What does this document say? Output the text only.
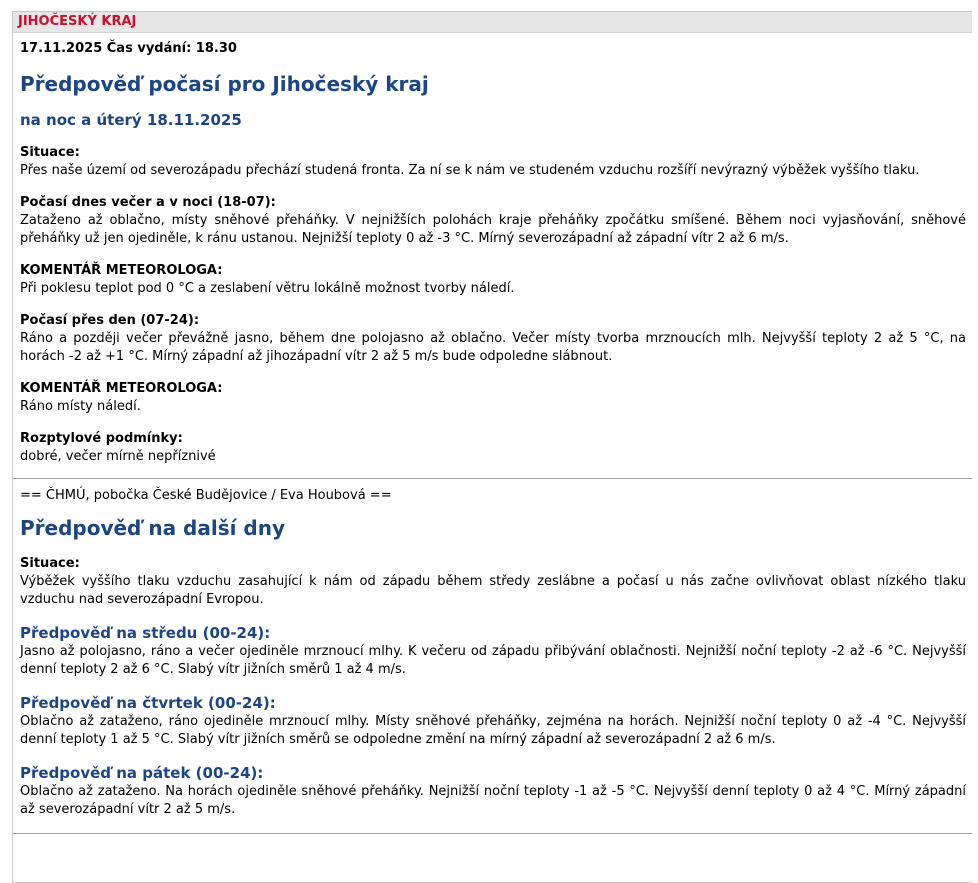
JIHOČESKÝ KRAJ
17.11.2025 Čas vydání: 18.30
Předpověď počasí pro Jihočeský kraj
na noc a úterý 18.11.2025
Situace:

Přes naše území od severozápadu přechází studená fronta. Za ní se k nám ve studeném vzduchu rozšíří nevýrazný výběžek vyššího tlaku.

Počasí dnes večer a v noci (18-07):

Zataženo až oblačno, místy sněhové přeháňky. V nejnižších polohách kraje přeháňky zpočátku smíšené. Během noci vyjasňování, sněhové přeháňky už jen ojediněle, k ránu ustanou. Nejnižší teploty 0 až -3 °C. Mírný severozápadní až západní vítr 2 až 6 m/s.

KOMENTÁŘ METEOROLOGA:

Při poklesu teplot pod 0 °C a zeslabení větru lokálně možnost tvorby náledí.

Počasí přes den (07-24):

Ráno a později večer převážně jasno, během dne polojasno až oblačno. Večer místy tvorba mrznoucích mlh. Nejvyšší teploty 2 až 5 °C, na horách -2 až +1 °C. Mírný západní až jihozápadní vítr 2 až 5 m/s bude odpoledne slábnout.

KOMENTÁŘ METEOROLOGA:

Ráno místy náledí.

Rozptylové podmínky:

dobré, večer mírně nepříznivé

== ČHMÚ, pobočka České Budějovice / Eva Houbová ==
Předpověď na další dny
Situace:

Výběžek vyššího tlaku vzduchu zasahující k nám od západu během středy zeslábne a počasí u nás začne ovlivňovat oblast nízkého tlaku vzduchu nad severozápadní Evropou.

Předpověď na středu (00-24):

Jasno až polojasno, ráno a večer ojediněle mrznoucí mlhy. K večeru od západu přibývání oblačnosti. Nejnižší noční teploty -2 až -6 °C. Nejvyšší denní teploty 2 až 6 °C. Slabý vítr jižních směrů 1 až 4 m/s.

Předpověď na čtvrtek (00-24):

Oblačno až zataženo, ráno ojediněle mrznoucí mlhy. Místy sněhové přeháňky, zejména na horách. Nejnižší noční teploty 0 až -4 °C. Nejvyšší denní teploty 1 až 5 °C. Slabý vítr jižních směrů se odpoledne změní na mírný západní až severozápadní 2 až 6 m/s.

Předpověď na pátek (00-24):

Oblačno až zataženo. Na horách ojediněle sněhové přeháňky. Nejnižší noční teploty -1 až -5 °C. Nejvyšší denní teploty 0 až 4 °C. Mírný západní až severozápadní vítr 2 až 5 m/s.
